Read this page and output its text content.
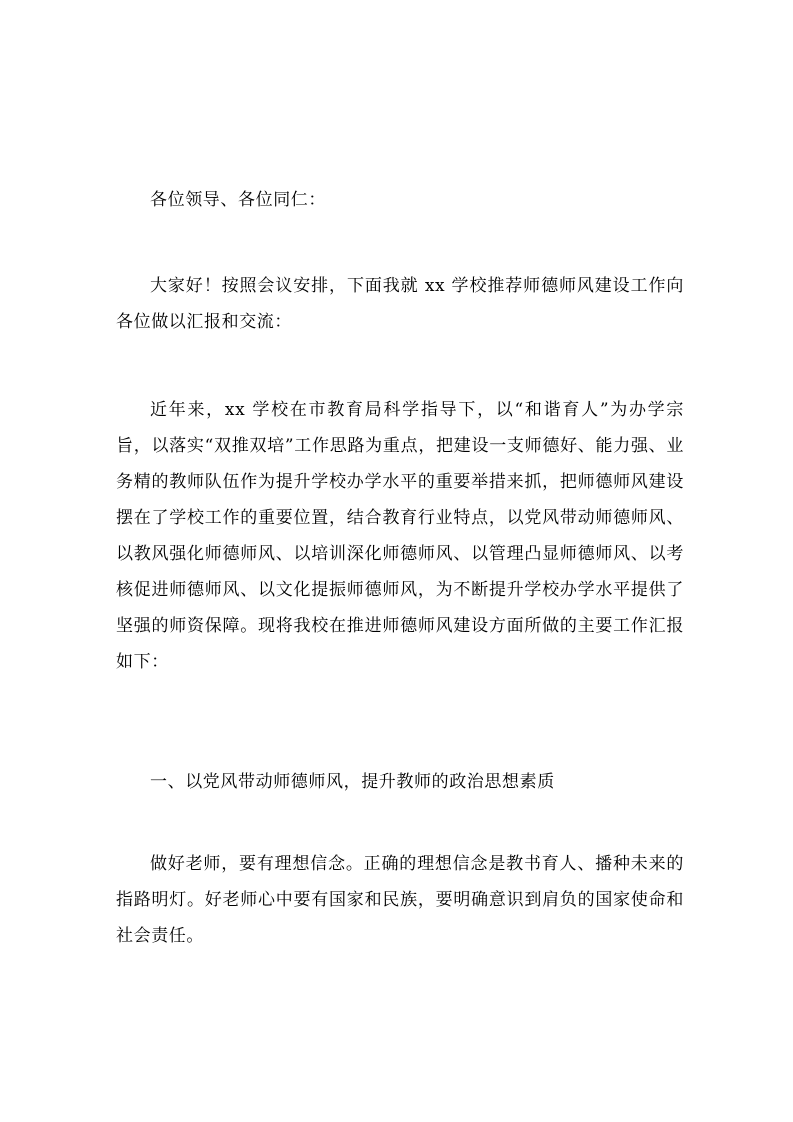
各位领导、各位同仁：

大家好！按照会议安排，下面我就 xx 学校推荐师德师风建设工作向各位做以汇报和交流：

近年来，xx 学校在市教育局科学指导下，以“和谐育人”为办学宗旨，以落实“双推双培”工作思路为重点，把建设一支师德好、能力强、业务精的教师队伍作为提升学校办学水平的重要举措来抓，把师德师风建设摆在了学校工作的重要位置，结合教育行业特点，以党风带动师德师风、以教风强化师德师风、以培训深化师德师风、以管理凸显师德师风、以考核促进师德师风、以文化提振师德师风，为不断提升学校办学水平提供了坚强的师资保障。现将我校在推进师德师风建设方面所做的主要工作汇报如下：

一、以党风带动师德师风，提升教师的政治思想素质

做好老师，要有理想信念。正确的理想信念是教书育人、播种未来的指路明灯。好老师心中要有国家和民族，要明确意识到肩负的国家使命和社会责任。
